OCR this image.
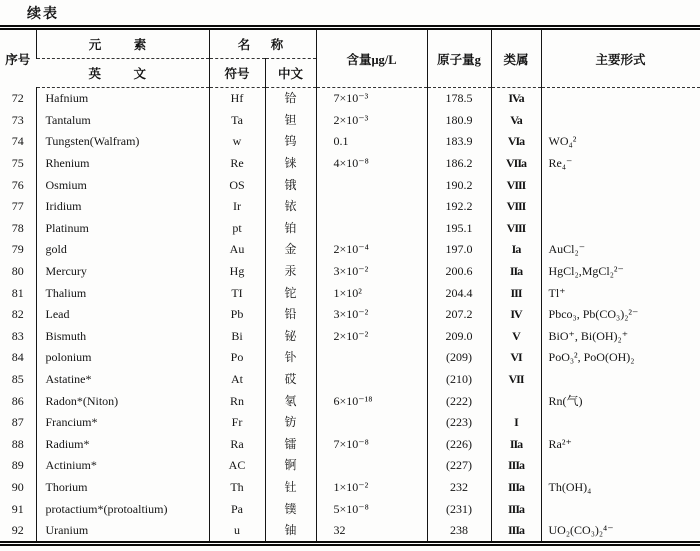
续表
序号	元　素	名　称		含量μg/L	原子量g	类属	主要形式
	英　文	符号	中文				
72	Hafnium	Hf	铪	7×10⁻³	178.5	IVa	
73	Tantalum	Ta	钽	2×10⁻³	180.9	Va	
74	Tungsten(Walfram)	w	钨	0.1	183.9	VIa	WO₄²
75	Rhenium	Re	铼	4×10⁻⁸	186.2	VIIa	Re₄⁻
76	Osmium	OS	锇		190.2	VIII	
77	Iridium	Ir	铱		192.2	VIII	
78	Platinum	pt	铂		195.1	VIII	
79	gold	Au	金	2×10⁻⁴	197.0	Ia	AuCl₂⁻
80	Mercury	Hg	汞	3×10⁻²	200.6	IIa	HgCl₂,MgCl₂²⁻
81	Thalium	TI	铊	1×10²	204.4	III	Tl⁺
82	Lead	Pb	铅	3×10⁻²	207.2	IV	Pbco₃, Pb(CO₃)₂²⁻
83	Bismuth	Bi	铋	2×10⁻²	209.0	V	BiO⁺, Bi(OH)₂⁺
84	polonium	Po	钋		(209)	VI	PoO₃², PoO(OH)₂
85	Astatine*	At	砹		(210)	VII	
86	Radon*(Niton)	Rn	氡	6×10⁻¹⁸	(222)		Rn(气)
87	Francium*	Fr	钫		(223)	I	
88	Radium*	Ra	镭	7×10⁻⁸	(226)	IIa	Ra²⁺
89	Actinium*	AC	锕		(227)	IIIa	
90	Thorium	Th	钍	1×10⁻²	232	IIIa	Th(OH)₄
91	protactium*(protoaltium)	Pa	镤	5×10⁻⁸	(231)	IIIa	
92	Uranium	u	铀	32	238	IIIa	UO₂(CO₃)₂⁴⁻
